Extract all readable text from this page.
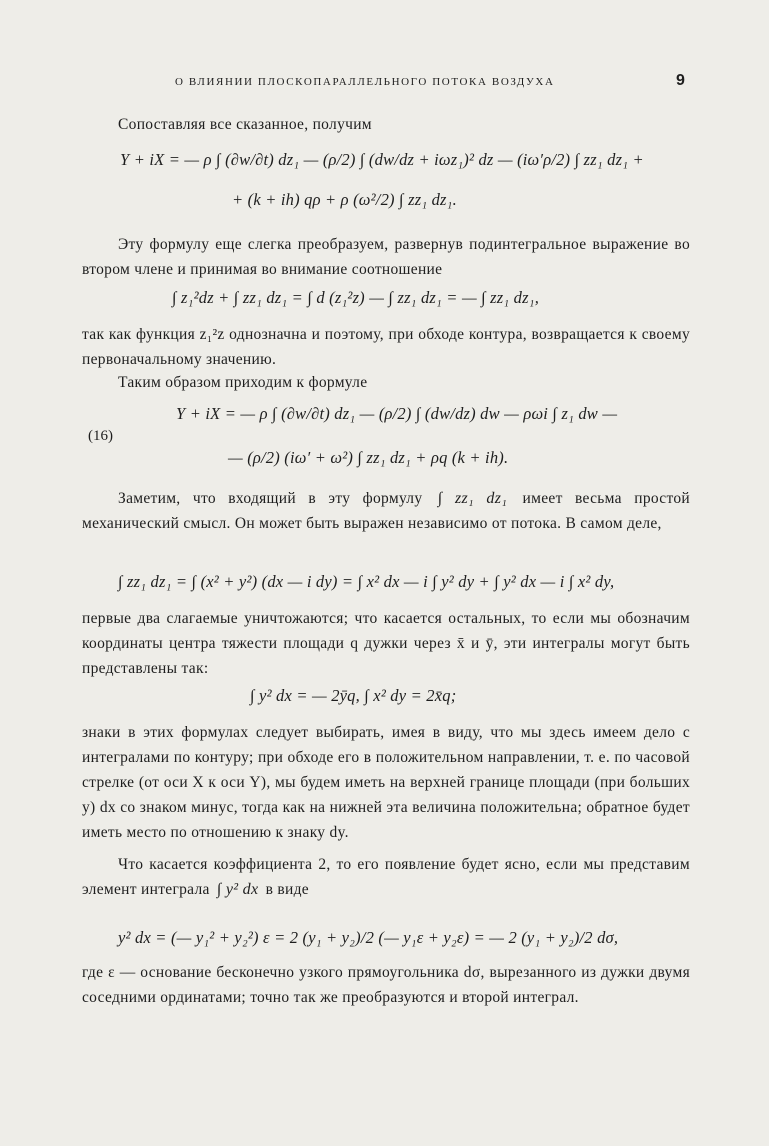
О ВЛИЯНИИ ПЛОСКОПАРАЛЛЕЛЬНОГО ПОТОКА ВОЗДУХА	9
Сопоставляя все сказанное, получим
Y + iX = — ρ ∫ (∂w/∂t) dz₁ — (ρ/2) ∫ (dw/dz + iωz₁)² dz — (iω′ρ/2) ∫ zz₁ dz₁ +
+ (k + ih) qρ + ρ (ω²/2) ∫ zz₁ dz₁.
Эту формулу еще слегка преобразуем, развернув подинтегральное выражение во втором члене и принимая во внимание соотношение
∫ z₁²dz + ∫ zz₁ dz₁ = ∫ d (z₁²z) — ∫ zz₁ dz₁ = — ∫ zz₁ dz₁,
так как функция z₁²z однозначна и поэтому, при обходе контура, возвращается к своему первоначальному значению.
Таким образом приходим к формуле
(16)
Y + iX = — ρ ∫ (∂w/∂t) dz₁ — (ρ/2) ∫ (dw/dz) dw — ρωi ∫ z₁ dw —
— (ρ/2) (iω′ + ω²) ∫ zz₁ dz₁ + ρq (k + ih).
Заметим, что входящий в эту формулу ∫ zz₁ dz₁ имеет весьма простой механический смысл. Он может быть выражен независимо от потока. В самом деле,
∫ zz₁ dz₁ = ∫ (x² + y²) (dx — i dy) = ∫ x² dx — i ∫ y² dy + ∫ y² dx — i ∫ x² dy,
первые два слагаемые уничтожаются; что касается остальных, то если мы обозначим координаты центра тяжести площади q дужки через x̄ и ȳ, эти интегралы могут быть представлены так:
∫ y² dx = — 2ȳq, ∫ x² dy = 2x̄q;
знаки в этих формулах следует выбирать, имея в виду, что мы здесь имеем дело с интегралами по контуру; при обходе его в положительном направлении, т. е. по часовой стрелке (от оси X к оси Y), мы будем иметь на верхней границе площади (при больших y) dx со знаком минус, тогда как на нижней эта величина положительна; обратное будет иметь место по отношению к знаку dy.
Что касается коэффициента 2, то его появление будет ясно, если мы представим элемент интеграла ∫ y² dx в виде
y² dx = (— y₁² + y₂²) ε = 2 (y₁ + y₂)/2 (— y₁ε + y₂ε) = — 2 (y₁ + y₂)/2 dσ,
где ε — основание бесконечно узкого прямоугольника dσ, вырезанного из дужки двумя соседними ординатами; точно так же преобразуются и второй интеграл.
